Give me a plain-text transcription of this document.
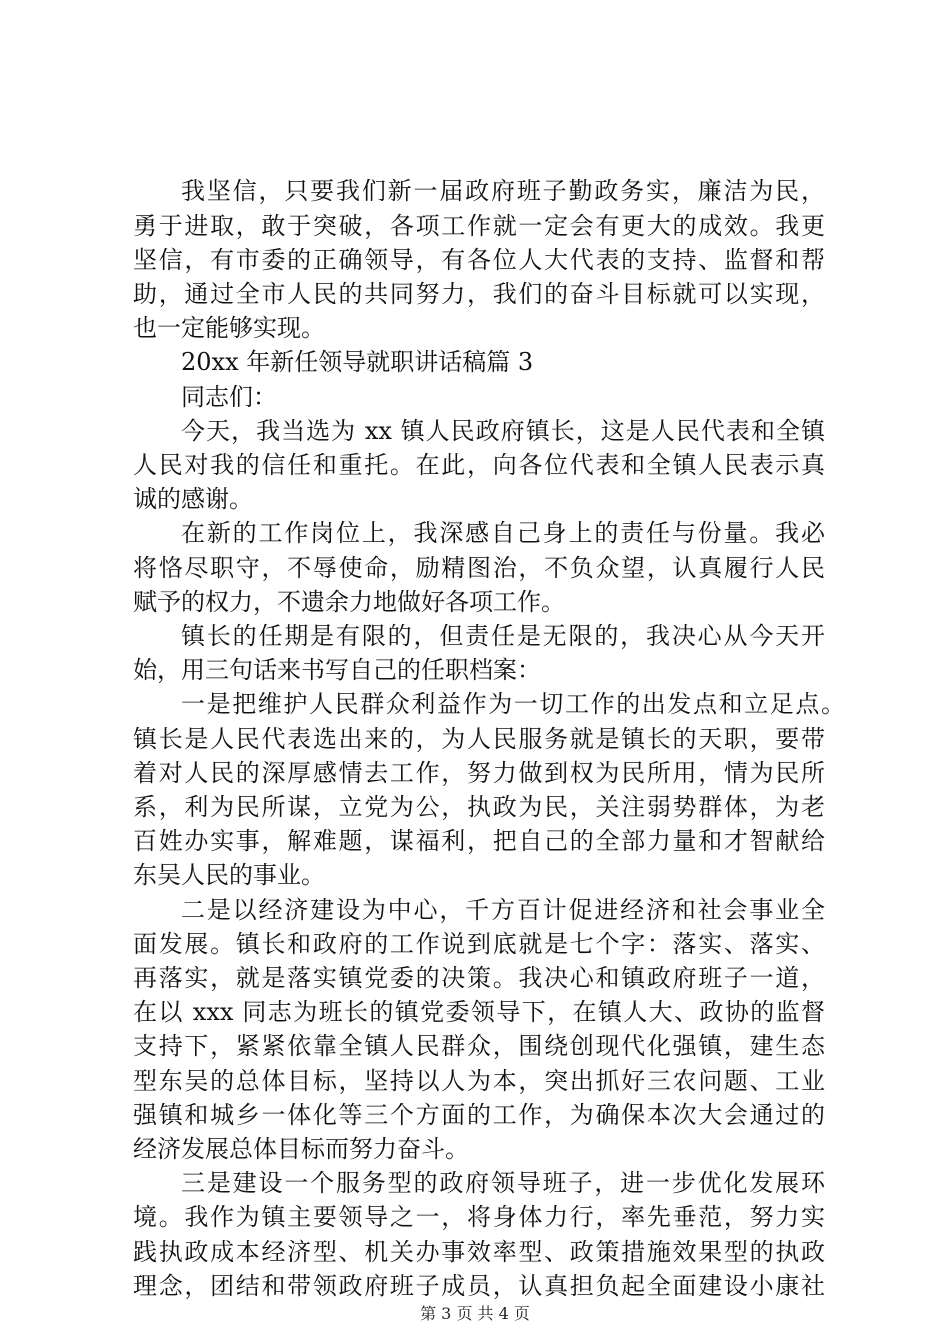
我坚信，只要我们新一届政府班子勤政务实，廉洁为民，
勇于进取，敢于突破，各项工作就一定会有更大的成效。我更
坚信，有市委的正确领导，有各位人大代表的支持、监督和帮
助，通过全市人民的共同努力，我们的奋斗目标就可以实现，
也一定能够实现。
20xx 年新任领导就职讲话稿篇 3
同志们：
今天，我当选为 xx 镇人民政府镇长，这是人民代表和全镇
人民对我的信任和重托。在此，向各位代表和全镇人民表示真
诚的感谢。
在新的工作岗位上，我深感自己身上的责任与份量。我必
将恪尽职守，不辱使命，励精图治，不负众望，认真履行人民
赋予的权力，不遗余力地做好各项工作。
镇长的任期是有限的，但责任是无限的，我决心从今天开
始，用三句话来书写自己的任职档案：
一是把维护人民群众利益作为一切工作的出发点和立足点。
镇长是人民代表选出来的，为人民服务就是镇长的天职，要带
着对人民的深厚感情去工作，努力做到权为民所用，情为民所
系，利为民所谋，立党为公，执政为民，关注弱势群体，为老
百姓办实事，解难题，谋福利，把自己的全部力量和才智献给
东吴人民的事业。
二是以经济建设为中心，千方百计促进经济和社会事业全
面发展。镇长和政府的工作说到底就是七个字：落实、落实、
再落实，就是落实镇党委的决策。我决心和镇政府班子一道，
在以 xxx 同志为班长的镇党委领导下，在镇人大、政协的监督
支持下，紧紧依靠全镇人民群众，围绕创现代化强镇，建生态
型东吴的总体目标，坚持以人为本，突出抓好三农问题、工业
强镇和城乡一体化等三个方面的工作，为确保本次大会通过的
经济发展总体目标而努力奋斗。
三是建设一个服务型的政府领导班子，进一步优化发展环
境。我作为镇主要领导之一，将身体力行，率先垂范，努力实
践执政成本经济型、机关办事效率型、政策措施效果型的执政
理念，团结和带领政府班子成员，认真担负起全面建设小康社
第 3 页 共 4 页
